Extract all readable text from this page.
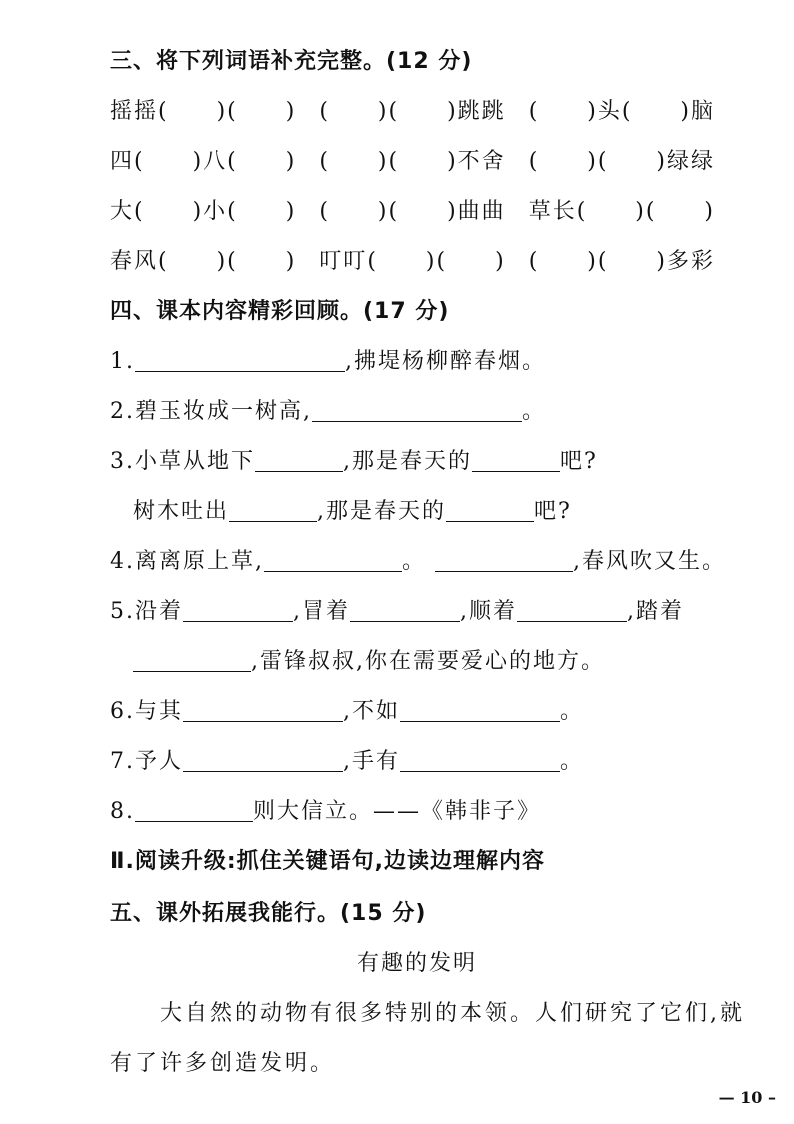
三、将下列词语补充完整。(12 分)
摇摇(　　)(　　) (　　)(　　)跳跳 (　　)头(　　)脑
四(　　)八(　　) (　　)(　　)不舍 (　　)(　　)绿绿
大(　　)小(　　) (　　)(　　)曲曲 草长(　　)(　　)
春风(　　)(　　) 叮叮(　　)(　　) (　　)(　　)多彩
四、课本内容精彩回顾。(17 分)
1.	,拂堤杨柳醉春烟。
2.碧玉妆成一树高,	。
3.小草从地下	,那是春天的	吧?
树木吐出	,那是春天的	吧?
4.离离原上草,	。	,春风吹又生。
5.沿着	,冒着	,顺着	,踏着
,雷锋叔叔,你在需要爱心的地方。
6.与其	,不如	。
7.予人	,手有	。
8.	则大信立。——《韩非子》
Ⅱ.阅读升级:抓住关键语句,边读边理解内容
五、课外拓展我能行。(15 分)
有趣的发明
大自然的动物有很多特别的本领。人们研究了它们,就
有了许多创造发明。
— 10 –
